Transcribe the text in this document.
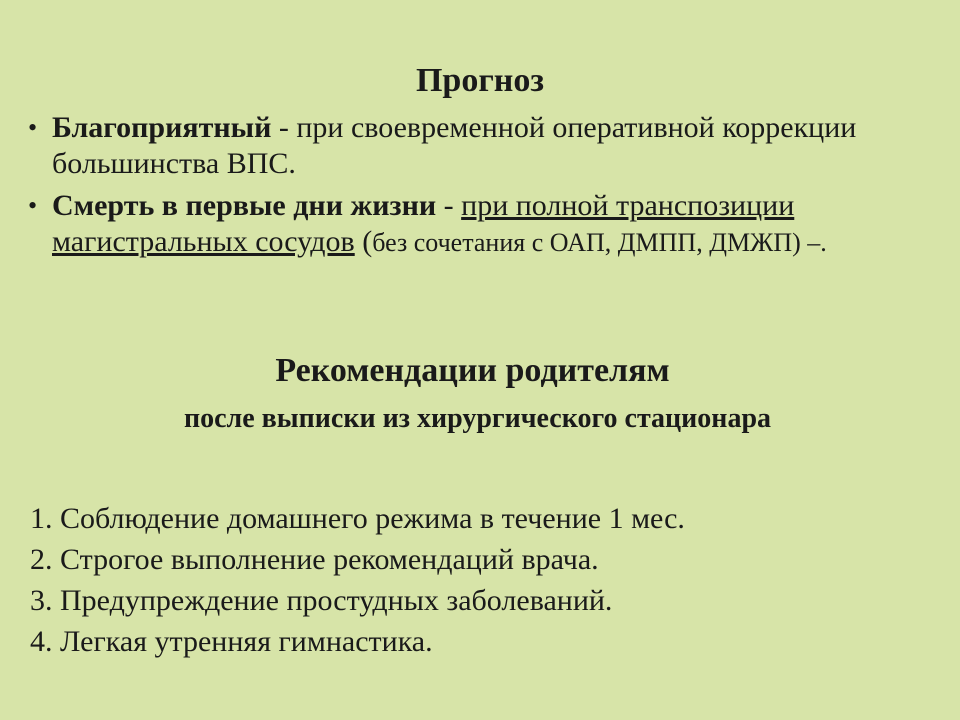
Прогноз
• Благоприятный - при своевременной оперативной коррекции большинства ВПС.
• Смерть в первые дни жизни - при полной транспозиции магистральных сосудов (без сочетания с ОАП, ДМПП, ДМЖП) –.
Рекомендации родителям
после выписки из хирургического стационара
1. Соблюдение домашнего режима в течение 1 мес.
2. Строгое выполнение рекомендаций врача.
3. Предупреждение простудных заболеваний.
4. Легкая утренняя гимнастика.
